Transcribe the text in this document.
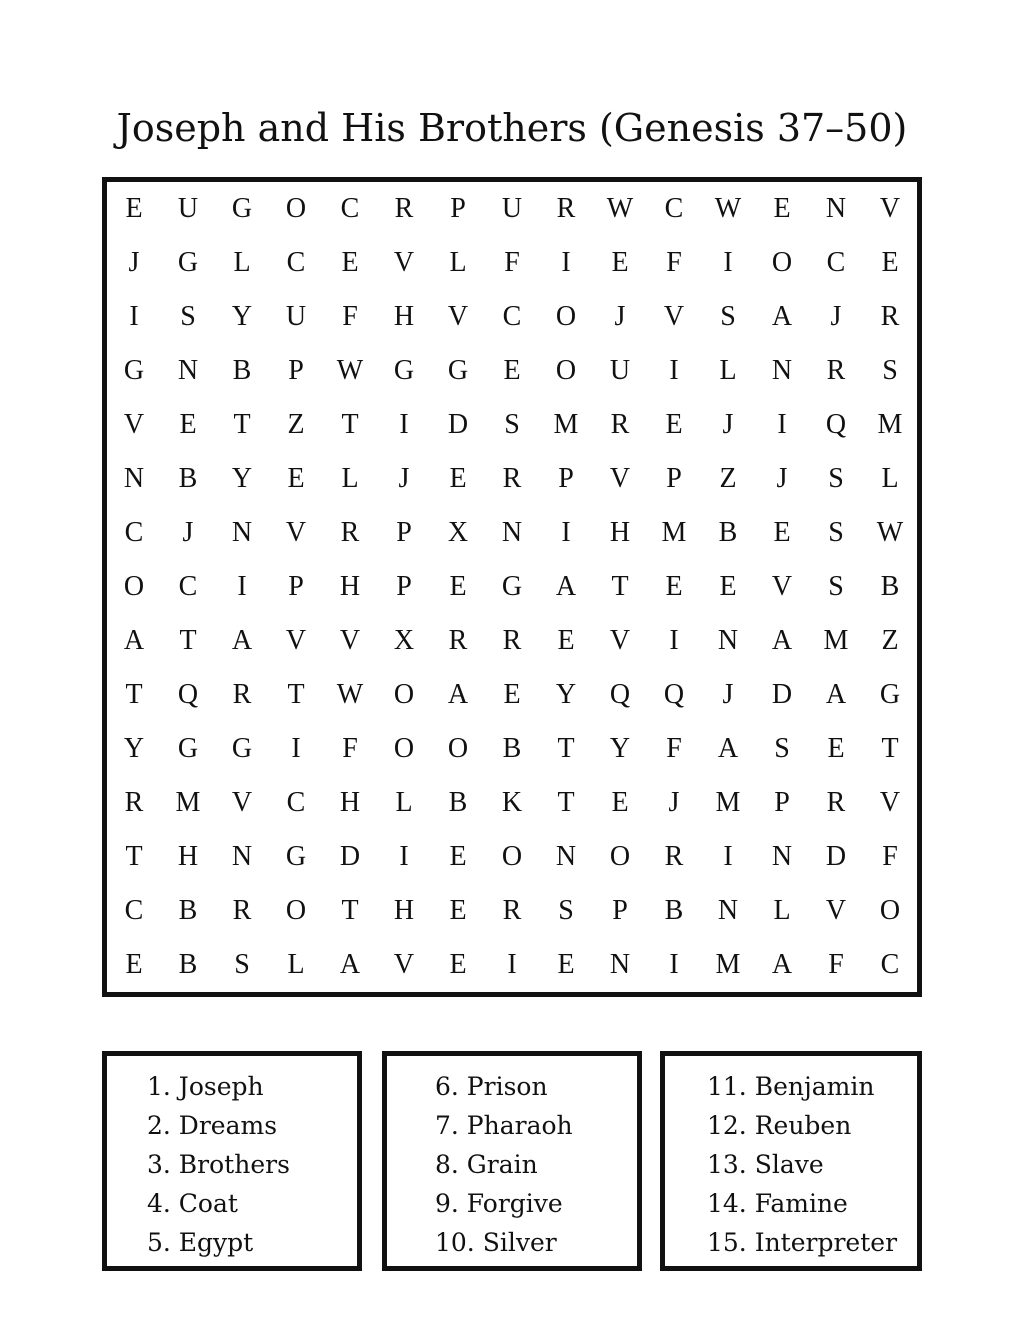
Joseph and His Brothers (Genesis 37–50)
E	U	G	O	C	R	P	U	R	W	C	W	E	N	V
J	G	L	C	E	V	L	F	I	E	F	I	O	C	E
I	S	Y	U	F	H	V	C	O	J	V	S	A	J	R
G	N	B	P	W	G	G	E	O	U	I	L	N	R	S
V	E	T	Z	T	I	D	S	M	R	E	J	I	Q	M
N	B	Y	E	L	J	E	R	P	V	P	Z	J	S	L
C	J	N	V	R	P	X	N	I	H	M	B	E	S	W
O	C	I	P	H	P	E	G	A	T	E	E	V	S	B
A	T	A	V	V	X	R	R	E	V	I	N	A	M	Z
T	Q	R	T	W	O	A	E	Y	Q	Q	J	D	A	G
Y	G	G	I	F	O	O	B	T	Y	F	A	S	E	T
R	M	V	C	H	L	B	K	T	E	J	M	P	R	V
T	H	N	G	D	I	E	O	N	O	R	I	N	D	F
C	B	R	O	T	H	E	R	S	P	B	N	L	V	O
E	B	S	L	A	V	E	I	E	N	I	M	A	F	C
1. Joseph
2. Dreams
3. Brothers
4. Coat
5. Egypt
6. Prison
7. Pharaoh
8. Grain
9. Forgive
10. Silver
11. Benjamin
12. Reuben
13. Slave
14. Famine
15. Interpreter
